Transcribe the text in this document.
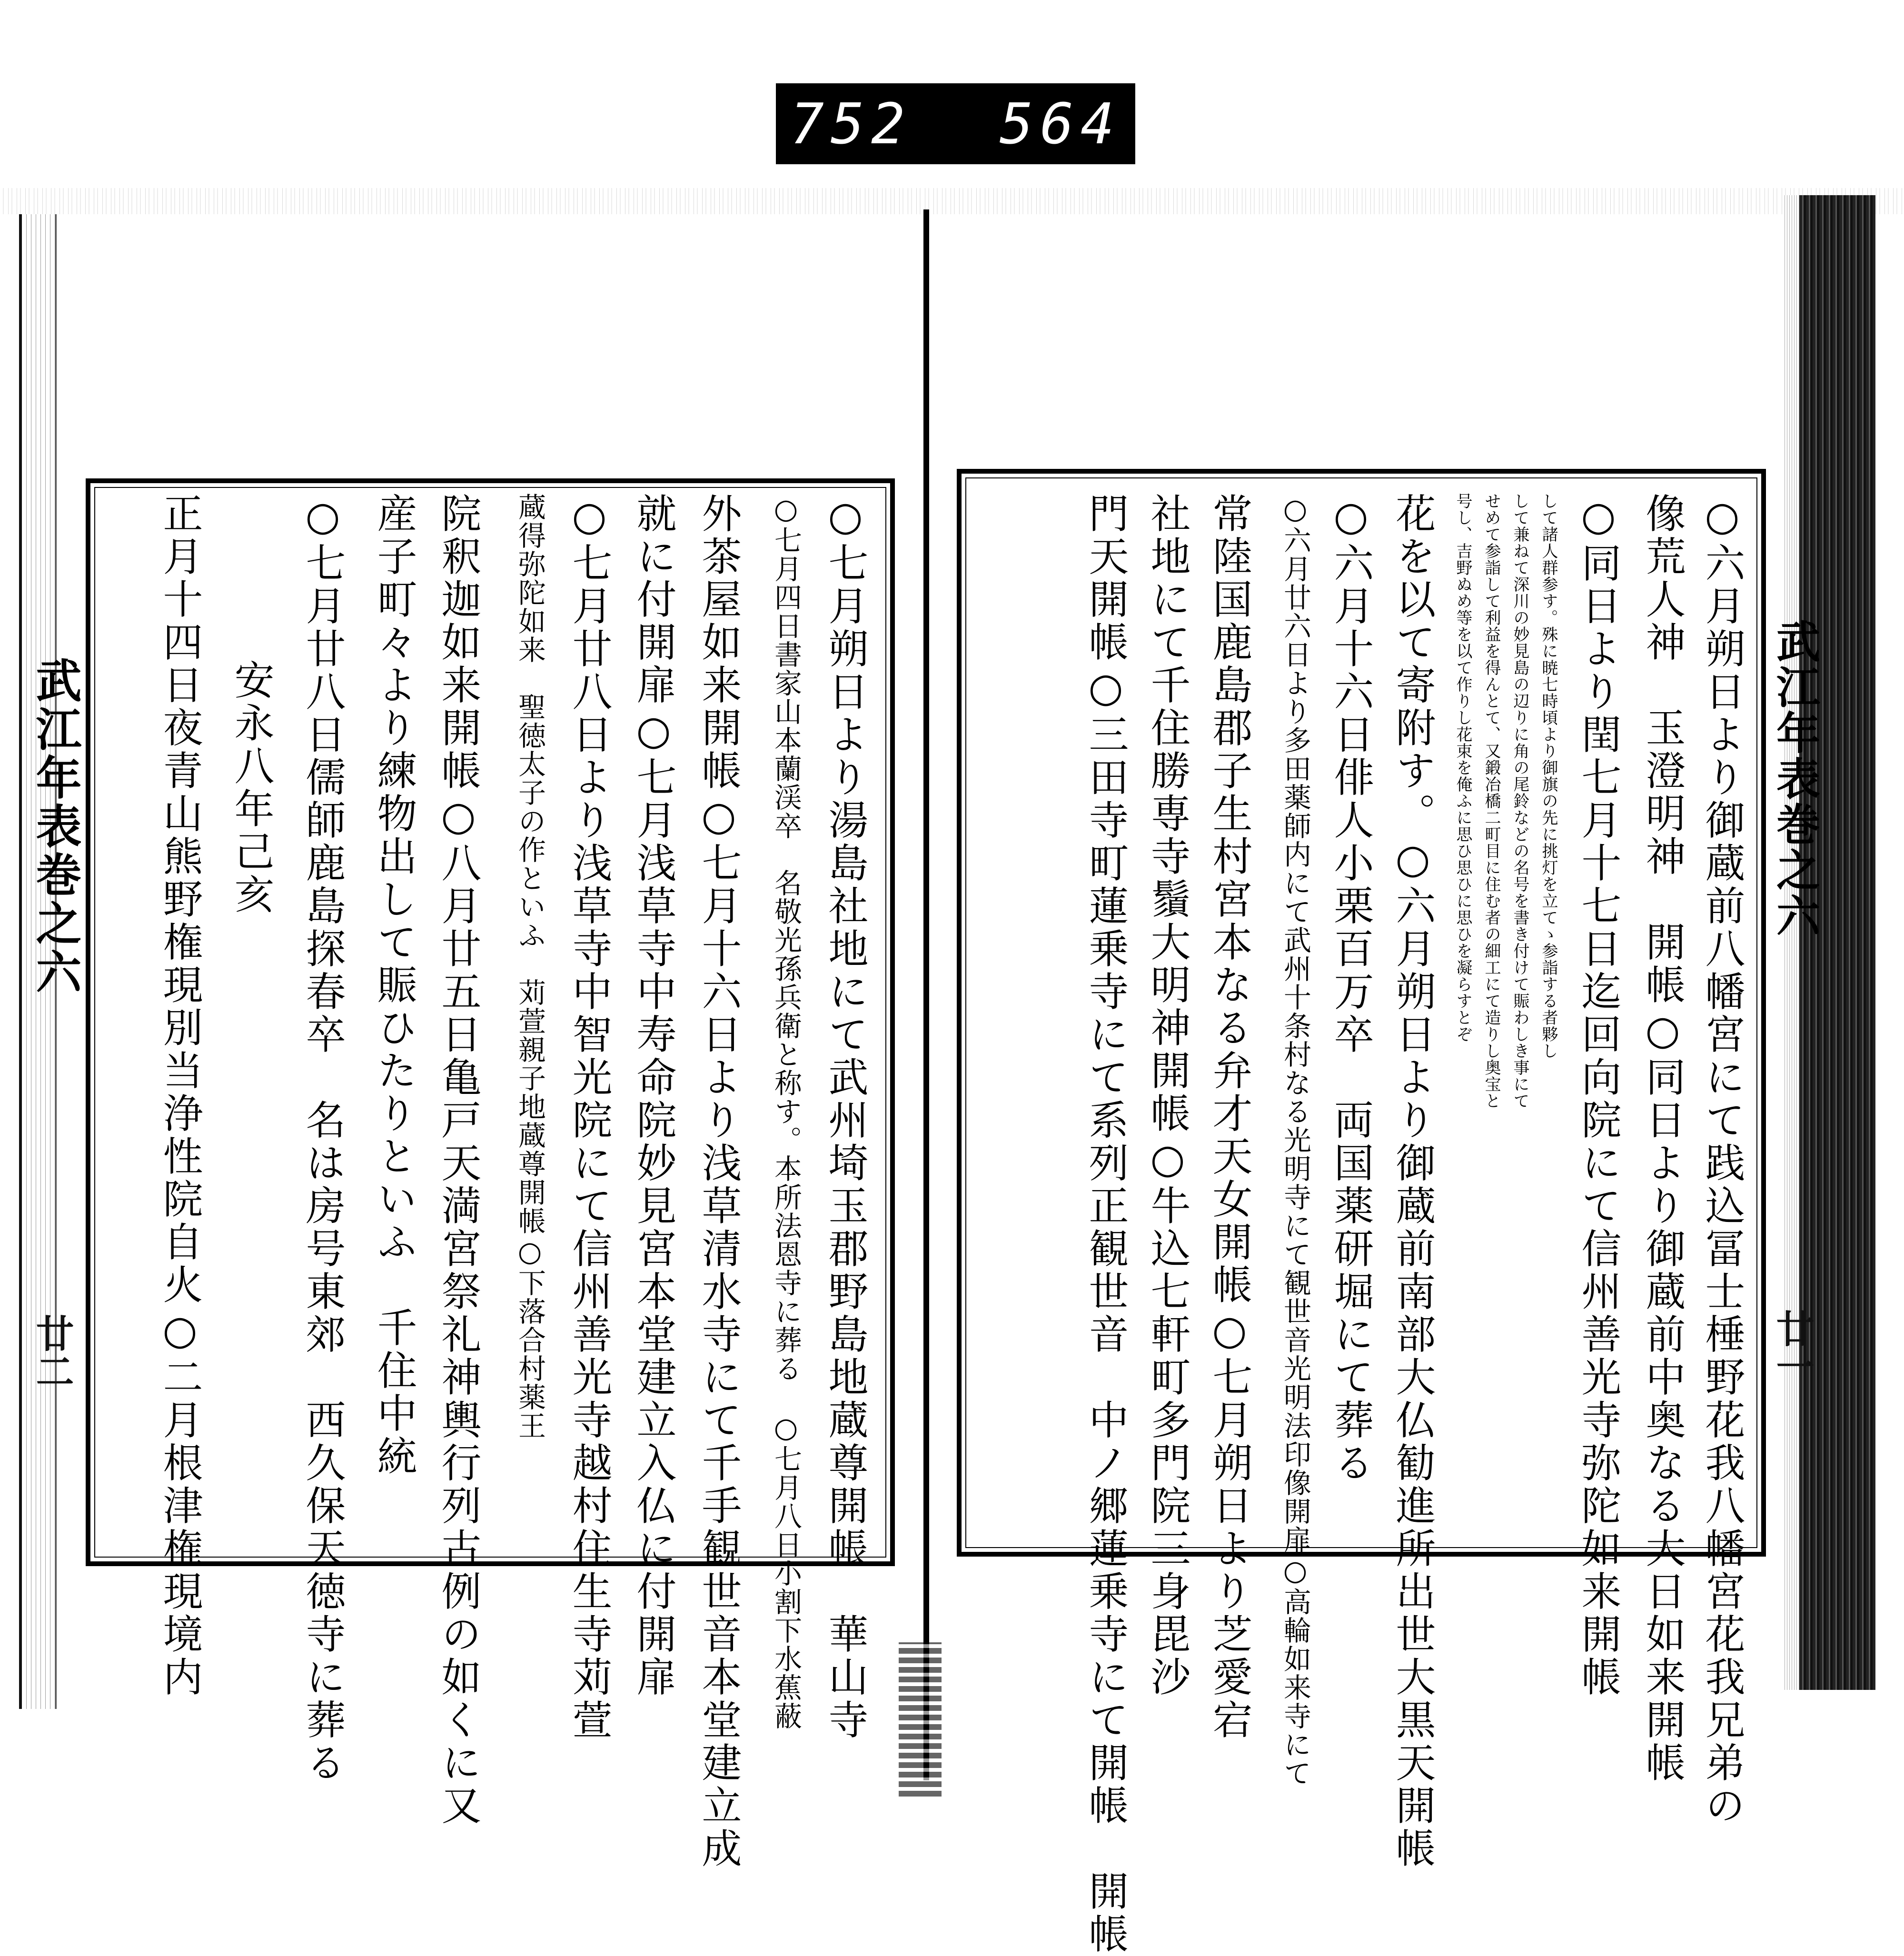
752 564
武江年表巻之六
廿二
武江年表巻之六
廿一
○七月朔日より湯島社地にて武州埼玉郡野島地蔵尊開帳　華山寺
○七月四日書家山本蘭渓卒　名敬光孫兵衛と称す。本所法恩寺に葬る　○七月八日小割下水蕉蔽
外茶屋如来開帳○七月十六日より浅草清水寺にて千手観世音本堂建立成
就に付開扉○七月浅草寺中寿命院妙見宮本堂建立入仏に付開扉
○七月廿八日より浅草寺中智光院にて信州善光寺越村住生寺苅萱
蔵得弥陀如来　聖徳太子の作といふ　苅萱親子地蔵尊開帳○下落合村薬王
院釈迦如来開帳○八月廿五日亀戸天満宮祭礼神輿行列古例の如くに又
産子町々より練物出して賑ひたりといふ　千住中統
○七月廿八日儒師鹿島探春卒　名は房号東郊　西久保天徳寺に葬る
安永八年己亥
正月十四日夜青山熊野権現別当浄性院自火○二月根津権現境内	○六月朔日より御蔵前八幡宮にて践込冨士棰野花我八幡宮花我兄弟の
像荒人神　玉澄明神　開帳○同日より御蔵前中奥なる大日如来開帳
○同日より閏七月十七日迄回向院にて信州善光寺弥陀如来開帳
して諸人群参す。殊に暁七時頃より御旗の先に挑灯を立てゝ参詣する者夥し
して兼ねて深川の妙見島の辺りに角の尾鈴などの名号を書き付けて賑わしき事にて
せめて参詣して利益を得んとて、又鍛冶橋二町目に住む者の細工にて造りし奥宝と
号し、吉野ぬめ等を以て作りし花束を俺ふに思ひ思ひに思ひを凝らすとぞ
花を以て寄附す。○六月朔日より御蔵前南部大仏勧進所出世大黒天開帳
○六月十六日俳人小栗百万卒　両国薬研堀にて葬る
○六月廿六日より多田薬師内にて武州十条村なる光明寺にて観世音光明法印像開扉○高輪如来寺にて
常陸国鹿島郡子生村宮本なる弁才天女開帳○七月朔日より芝愛宕
社地にて千住勝専寺鬚大明神開帳○牛込七軒町多門院三身毘沙
門天開帳○三田寺町蓮乗寺にて系列正観世音　中ノ郷蓮乗寺にて開帳　開帳
